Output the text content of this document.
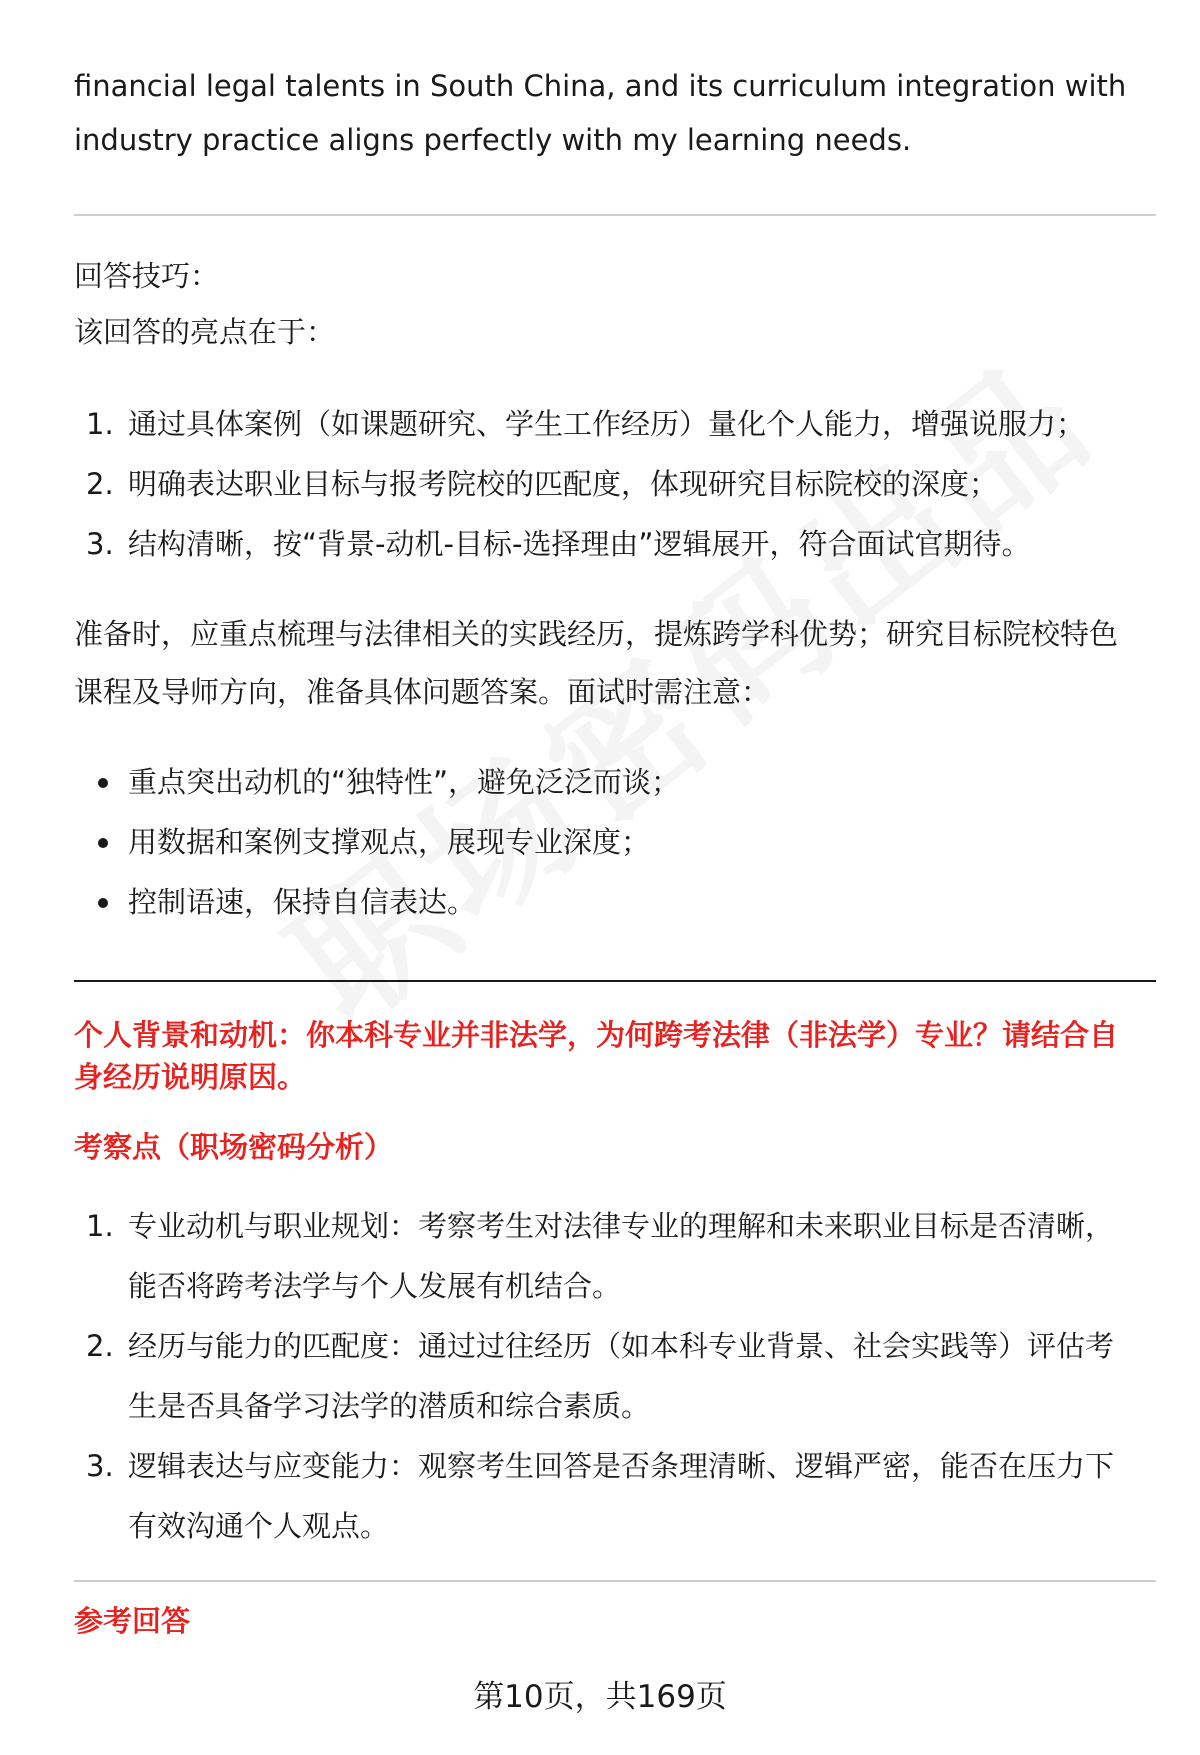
financial legal talents in South China, and its curriculum integration with

industry practice aligns perfectly with my learning needs.

回答技巧：

该回答的亮点在于：

1. 通过具体案例（如课题研究、学生工作经历）量化个人能力，增强说服力；
2. 明确表达职业目标与报考院校的匹配度，体现研究目标院校的深度；
3. 结构清晰，按“背景-动机-目标-选择理由”逻辑展开，符合面试官期待。

准备时，应重点梳理与法律相关的实践经历，提炼跨学科优势；研究目标院校特色

课程及导师方向，准备具体问题答案。面试时需注意：

重点突出动机的“独特性”，避免泛泛而谈；
用数据和案例支撑观点，展现专业深度；
控制语速，保持自信表达。

个人背景和动机：你本科专业并非法学，为何跨考法律（非法学）专业？请结合自

身经历说明原因。

考察点（职场密码分析）

1. 专业动机与职业规划：考察考生对法律专业的理解和未来职业目标是否清晰，
能否将跨考法学与个人发展有机结合。
2. 经历与能力的匹配度：通过过往经历（如本科专业背景、社会实践等）评估考
生是否具备学习法学的潜质和综合素质。
3. 逻辑表达与应变能力：观察考生回答是否条理清晰、逻辑严密，能否在压力下
有效沟通个人观点。

参考回答

第10页，共169页
